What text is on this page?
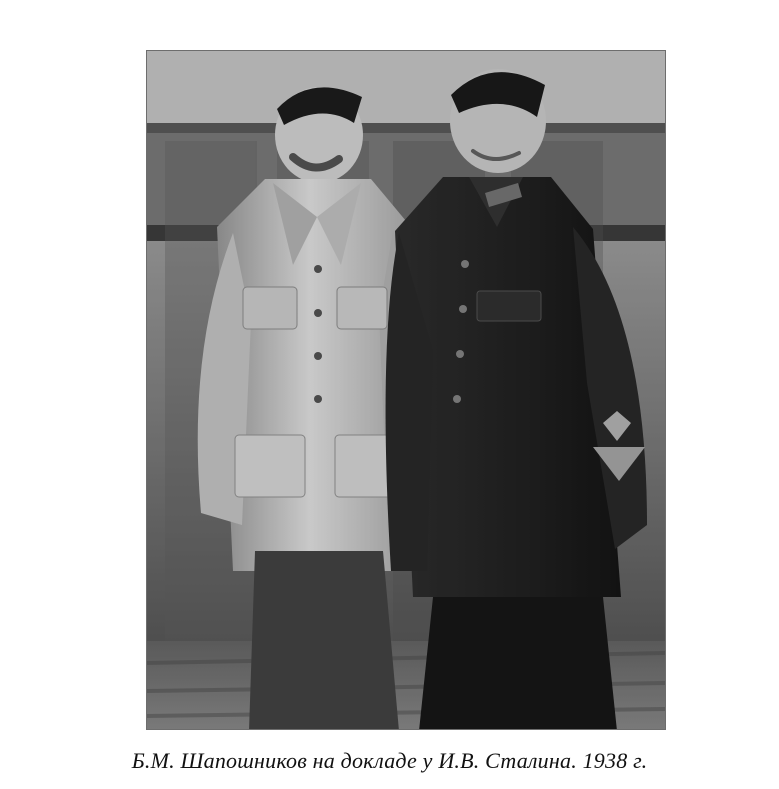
Б.М. Шапошников на докладе у И.В. Сталина. 1938 г.
